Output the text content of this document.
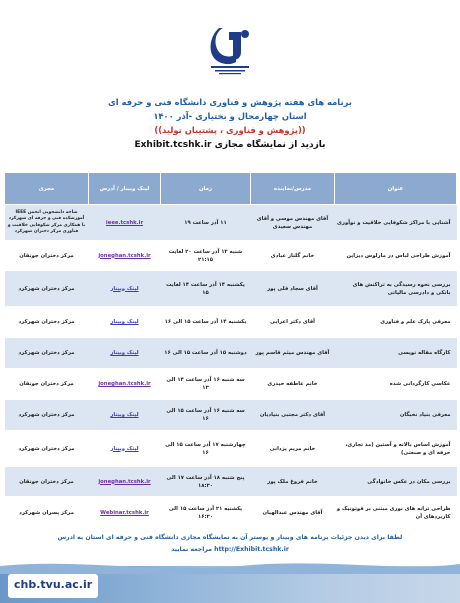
برنامه های هفته پژوهش و فناوری دانشگاه فنی و حرفه ای
استان چهارمحال و بختیاری -آذر ۱۴۰۰
((پژوهش و فناوری ، پشتیبان تولید))
بازدید از نمایشگاه مجازی Exhibit.tcshk.ir
عنوان	مدرس/نماینده	زمان	لینک وبینار / آدرس	مجری
آشنایی با مراکز شکوفایی خلاقیت و نوآوری	آقای مهندس موسی و آقای مهندس سعیدی	۱۱ آذر ساعت ۱۹	ieee.tcshk.ir	شاخه دانشجویی انجمن IEEE آموزشکده فنی و حرفه ای شهرکرد با همکاری مرکز شکوفایی خلاقیت و فناوری مرکز دختران شهرکرد
آموزش طراحی لباس در مارلوس دیزاین	خانم گلناز عبادی	شنبه ۱۳ آذر ساعت ۲۰ لغایت ۲۱:۱۵	joneghan.tcshk.ir	مرکز دختران جونقان
بررسی نحوه رسیدگی به تراکنش های بانکی و دادرسی مالیاتی	آقای سجاد قلی پور	یکشنبه ۱۴ آذر ساعت ۱۴ لغایت ۱۵	لینک وبینار	مرکز دختران شهرکرد
معرفی پارک علم و فناوری	آقای دکتر اعرابی	یکشنبه ۱۴ آذر ساعت ۱۵ الی ۱۶	لینک وبینار	مرکز دختران شهرکرد
کارگاه مقاله نویسی	آقای مهندس میثم قاسم پور	دوشنبه ۱۵ آذر ساعت ۱۵ الی ۱۶	لینک وبینار	مرکز دختران شهرکرد
عکاسی کارگردانی شده	خانم عاطفه حیدری	سه شنبه ۱۶ آذر ساعت ۱۴ الی ۱۳	joneghan.tcshk.ir	مرکز دختران جونقان
معرفی بنیاد نخبگان	آقای دکتر مجتبی بنیادیان	سه شنبه ۱۶ آذر ساعت ۱۵ الی ۱۶	لینک وبینار	مرکز دختران شهرکرد
آموزش اساس بالانه و آستین (مد تجاری، حرفه ای و صنعتی)	خانم مریم یزدانی	چهارشنبه ۱۷ آذر ساعت ۱۵ الی ۱۶	لینک وبینار	مرکز دختران شهرکرد
بررسی مکان در عکس خانوادگی	خانم فروغ ملک پور	پنج شنبه ۱۸ آذر ساعت ۱۷ الی ۱۸:۳۰	joneghan.tcshk.ir	مرکز دختران جونقان
طراحی ترانه های نوری مبتنی بر فوتونیک و کاربردهای آن	آقای مهندس عبدالهیان	یکشنبه ۲۱ آذر ساعت ۱۵ الی ۱۶:۳۰	Webinar.tcshk.ir	مرکز پسران شهرکرد
لطفا برای دیدن جزئیات برنامه های وبینار و پوستر آن به نمایشگاه مجازی دانشگاه فنی و حرفه ای استان به ادرس
http://Exhibit.tcshk.ir مراجعه نمایید
chb.tvu.ac.ir
